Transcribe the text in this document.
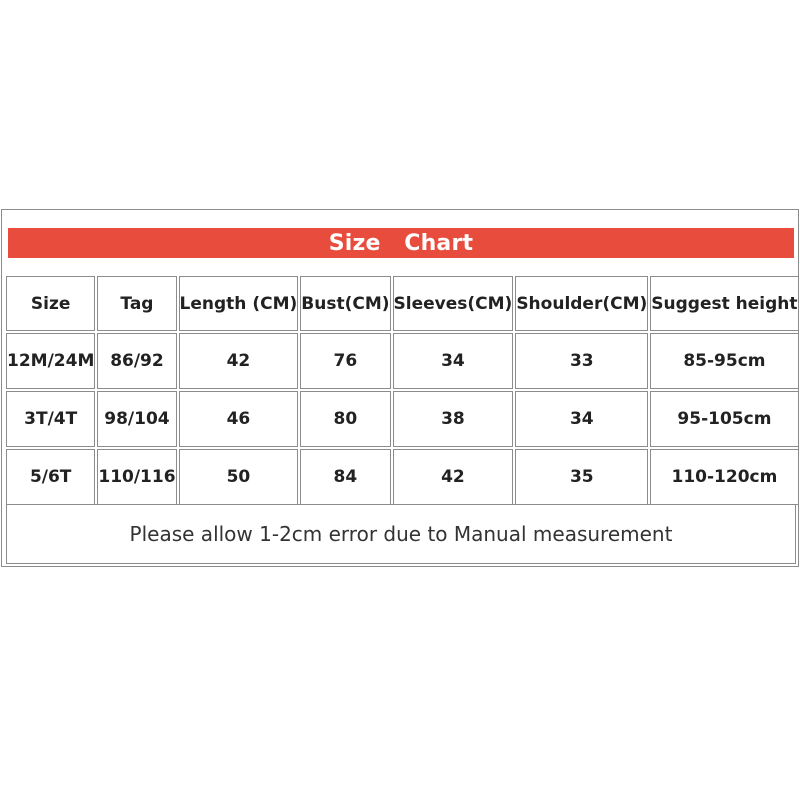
Size   Chart
Size	Tag	Length (CM)	Bust(CM)	Sleeves(CM)	Shoulder(CM)	Suggest height
12M/24M	86/92	42	76	34	33	85-95cm
3T/4T	98/104	46	80	38	34	95-105cm
5/6T	110/116	50	84	42	35	110-120cm
Please allow 1-2cm error due to Manual measurement
